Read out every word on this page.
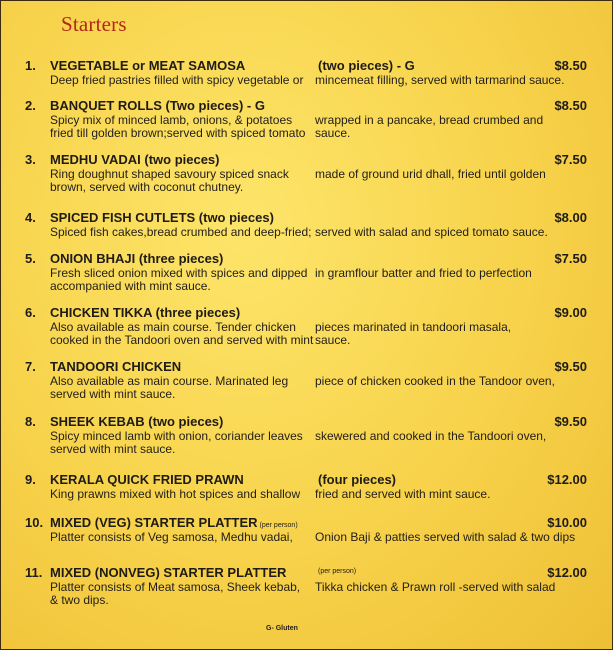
Starters
1. VEGETABLE or MEAT SAMOSA	(two pieces) - G	$8.50
Deep fried pastries filled with spicy vegetable or mincemeat filling, served with tarmarind sauce.
2. BANQUET ROLLS (Two pieces) - G	$8.50
Spicy mix of minced lamb, onions, & potatoes
fried till golden brown;served with spiced tomato
wrapped in a pancake, bread crumbed and
sauce.
3. MEDHU VADAI (two pieces)	$7.50
Ring doughnut shaped savoury spiced snack
brown, served with coconut chutney.
made of ground urid dhall, fried until golden
4. SPICED FISH CUTLETS (two pieces)	$8.00
Spiced fish cakes,bread crumbed and deep-fried; served with salad and spiced tomato sauce.
5. ONION BHAJI (three pieces)	$7.50
Fresh sliced onion mixed with spices and dipped
accompanied with mint sauce.
in gramflour batter and fried to perfection
6. CHICKEN TIKKA (three pieces)	$9.00
Also available as main course. Tender chicken
cooked in the Tandoori oven and served with mint
pieces marinated in tandoori masala,
sauce.
7. TANDOORI CHICKEN	$9.50
Also available as main course. Marinated leg
served with mint sauce.
piece of chicken cooked in the Tandoor oven,
8. SHEEK KEBAB (two pieces)	$9.50
Spicy minced lamb with onion, coriander leaves
served with mint sauce.
skewered and cooked in the Tandoori oven,
9. KERALA QUICK FRIED PRAWN	(four pieces)	$12.00
King prawns mixed with hot spices and shallow fried and served with mint sauce.
10. MIXED (VEG) STARTER PLATTER (per person)	$10.00
Platter consists of Veg samosa, Medhu vadai, Onion Baji & patties served with salad & two dips
11. MIXED (NONVEG) STARTER PLATTER	(per person)	$12.00
Platter consists of Meat samosa, Sheek kebab,
& two dips.
Tikka chicken & Prawn roll -served with salad
G- Gluten
